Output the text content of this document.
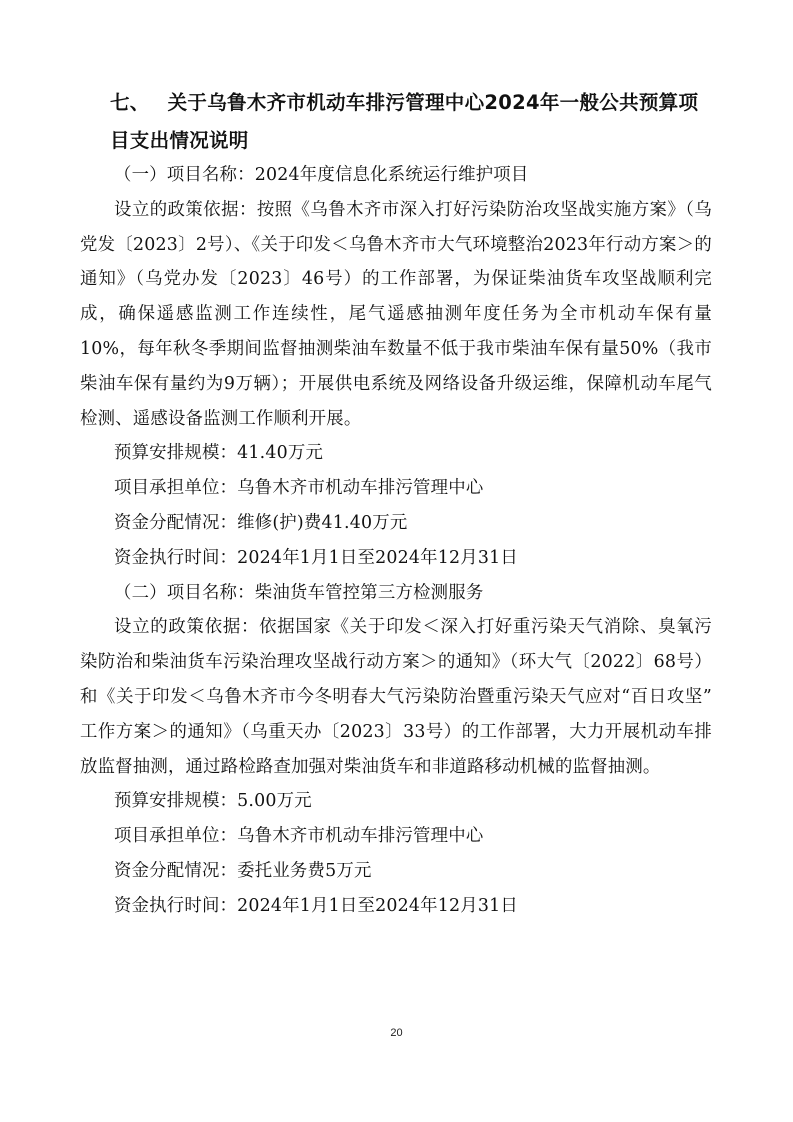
七、 关于乌鲁木齐市机动车排污管理中心2024年一般公共预算项目支出情况说明

（一）项目名称：2024年度信息化系统运行维护项目

设立的政策依据：按照《乌鲁木齐市深入打好污染防治攻坚战实施方案》（乌党发〔2023〕2号）、《关于印发＜乌鲁木齐市大气环境整治2023年行动方案＞的通知》（乌党办发〔2023〕46号）的工作部署，为保证柴油货车攻坚战顺利完成，确保遥感监测工作连续性，尾气遥感抽测年度任务为全市机动车保有量10%，每年秋冬季期间监督抽测柴油车数量不低于我市柴油车保有量50%（我市柴油车保有量约为9万辆）；开展供电系统及网络设备升级运维，保障机动车尾气检测、遥感设备监测工作顺利开展。

预算安排规模：41.40万元

项目承担单位：乌鲁木齐市机动车排污管理中心

资金分配情况：维修(护)费41.40万元

资金执行时间：2024年1月1日至2024年12月31日

（二）项目名称：柴油货车管控第三方检测服务

设立的政策依据：依据国家《关于印发＜深入打好重污染天气消除、臭氧污染防治和柴油货车污染治理攻坚战行动方案＞的通知》（环大气〔2022〕68号）和《关于印发＜乌鲁木齐市今冬明春大气污染防治暨重污染天气应对“百日攻坚” 工作方案＞的通知》（乌重天办〔2023〕33号）的工作部署，大力开展机动车排放监督抽测，通过路检路查加强对柴油货车和非道路移动机械的监督抽测。

预算安排规模：5.00万元

项目承担单位：乌鲁木齐市机动车排污管理中心

资金分配情况：委托业务费5万元

资金执行时间：2024年1月1日至2024年12月31日

20
